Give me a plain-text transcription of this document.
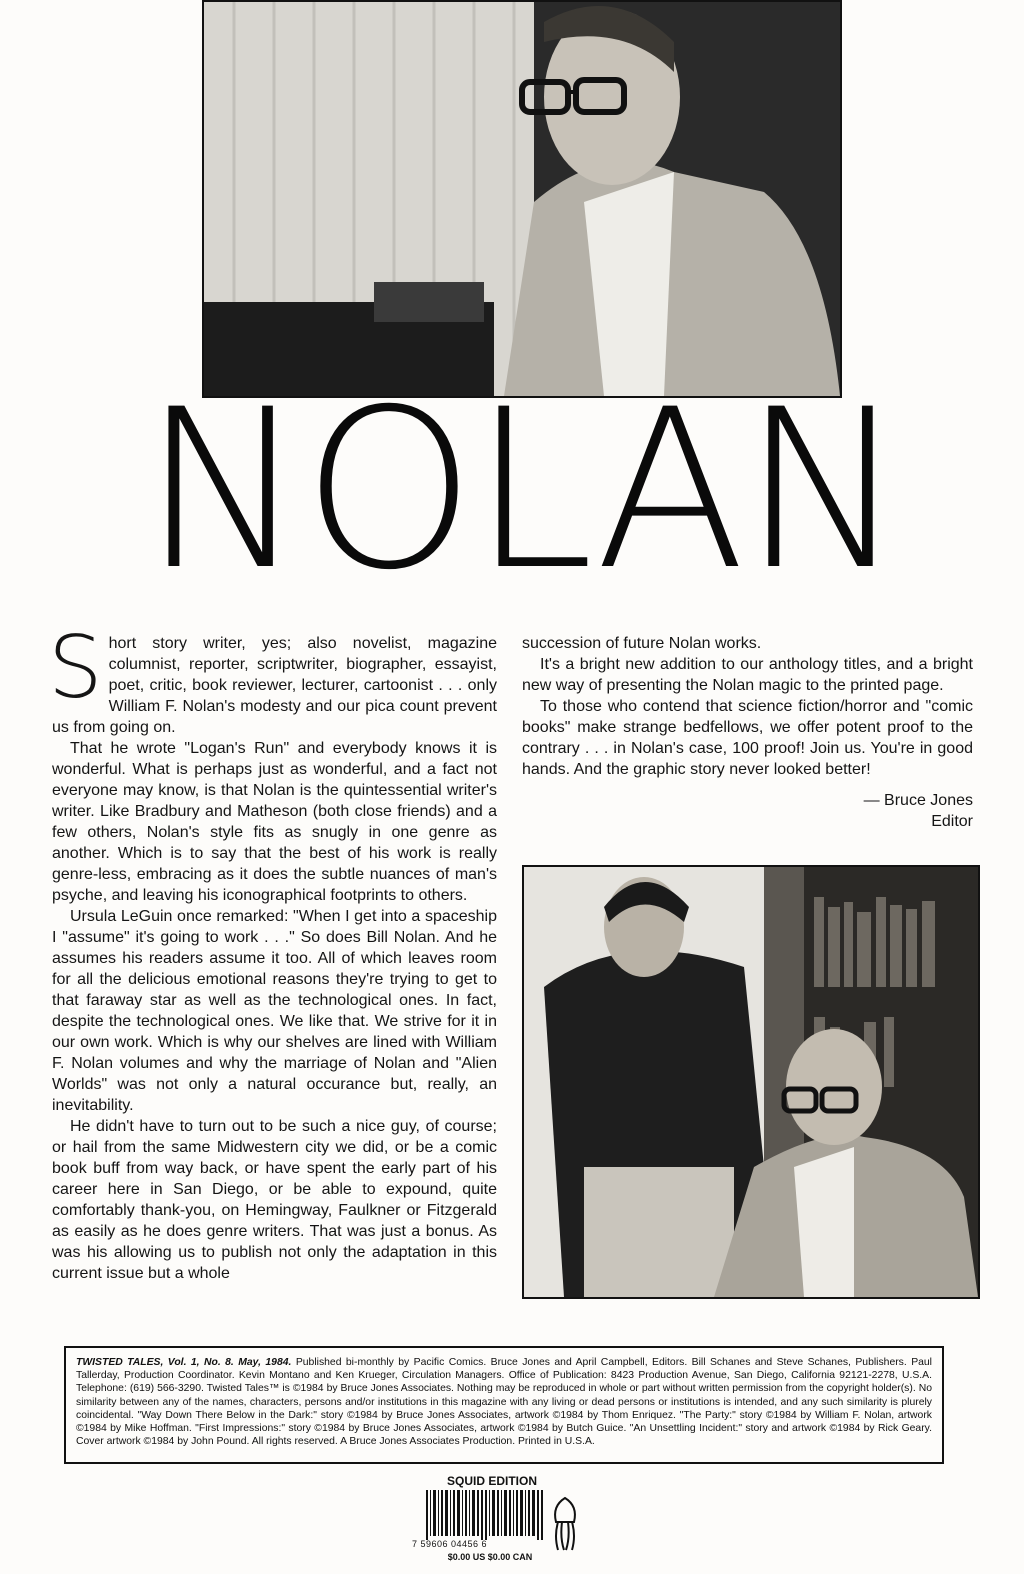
NOLAN

Short story writer, yes; also novelist, magazine columnist, reporter, scriptwriter, biographer, essayist, poet, critic, book reviewer, lecturer, cartoonist . . . only William F. Nolan's modesty and our pica count prevent us from going on.

That he wrote "Logan's Run" and everybody knows it is wonderful. What is perhaps just as wonderful, and a fact not everyone may know, is that Nolan is the quintessential writer's writer. Like Bradbury and Matheson (both close friends) and a few others, Nolan's style fits as snugly in one genre as another. Which is to say that the best of his work is really genre-less, embracing as it does the subtle nuances of man's psyche, and leaving his iconographical footprints to others.

Ursula LeGuin once remarked: "When I get into a spaceship I "assume" it's going to work . . ." So does Bill Nolan. And he assumes his readers assume it too. All of which leaves room for all the delicious emotional reasons they're trying to get to that faraway star as well as the technological ones. In fact, despite the technological ones. We like that. We strive for it in our own work. Which is why our shelves are lined with William F. Nolan volumes and why the marriage of Nolan and "Alien Worlds" was not only a natural occurance but, really, an inevitability.

He didn't have to turn out to be such a nice guy, of course; or hail from the same Midwestern city we did, or be a comic book buff from way back, or have spent the early part of his career here in San Diego, or be able to expound, quite comfortably thank-you, on Hemingway, Faulkner or Fitzgerald as easily as he does genre writers. That was just a bonus. As was his allowing us to publish not only the adaptation in this current issue but a whole

succession of future Nolan works.

It's a bright new addition to our anthology titles, and a bright new way of presenting the Nolan magic to the printed page.

To those who contend that science fiction/horror and "comic books" make strange bedfellows, we offer potent proof to the contrary . . . in Nolan's case, 100 proof! Join us. You're in good hands. And the graphic story never looked better!

— Bruce Jones

Editor

TWISTED TALES, Vol. 1, No. 8. May, 1984. Published bi-monthly by Pacific Comics. Bruce Jones and April Campbell, Editors. Bill Schanes and Steve Schanes, Publishers. Paul Tallerday, Production Coordinator. Kevin Montano and Ken Krueger, Circulation Managers. Office of Publication: 8423 Production Avenue, San Diego, California 92121-2278, U.S.A. Telephone: (619) 566-3290. Twisted Tales™ is ©1984 by Bruce Jones Associates. Nothing may be reproduced in whole or part without written permission from the copyright holder(s). No similarity between any of the names, characters, persons and/or institutions in this magazine with any living or dead persons or institutions is intended, and any such similarity is plurely coincidental. "Way Down There Below in the Dark:" story ©1984 by Bruce Jones Associates, artwork ©1984 by Thom Enriquez. "The Party:" story ©1984 by William F. Nolan, artwork ©1984 by Mike Hoffman. "First Impressions:" story ©1984 by Bruce Jones Associates, artwork ©1984 by Butch Guice. "An Unsettling Incident:" story and artwork ©1984 by Rick Geary. Cover artwork ©1984 by John Pound. All rights reserved. A Bruce Jones Associates Production. Printed in U.S.A.
SQUID EDITION
7 59606 04456 6
$0.00 US $0.00 CAN
